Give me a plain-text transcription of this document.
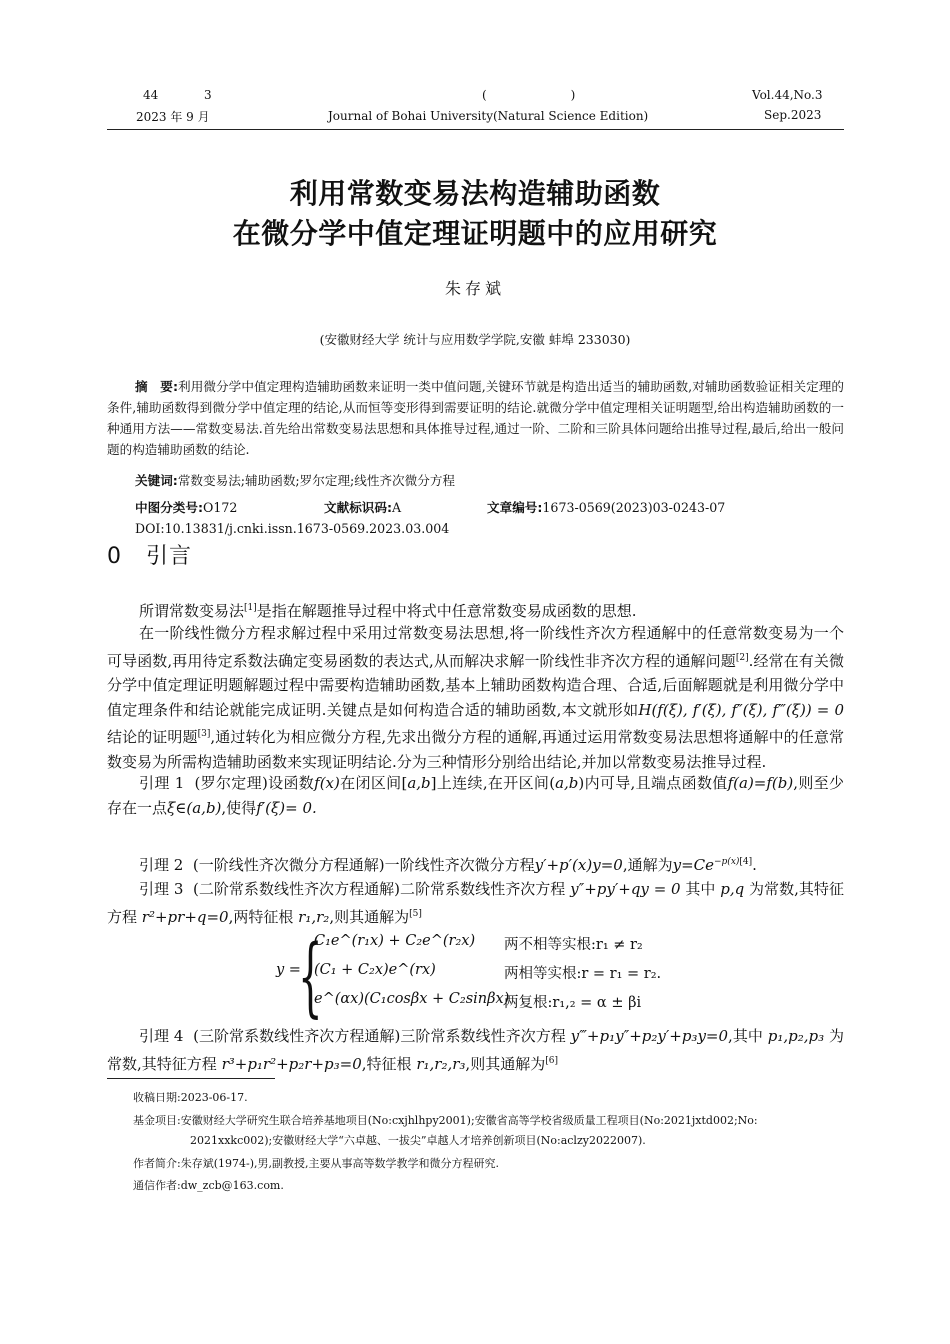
44	3
2023 年 9 月
(                      )
Journal of Bohai University(Natural Science Edition)
Vol.44,No.3
Sep.2023
利用常数变易法构造辅助函数
在微分学中值定理证明题中的应用研究
朱存斌
(安徽财经大学 统计与应用数学学院,安徽 蚌埠 233030)
摘　要:利用微分学中值定理构造辅助函数来证明一类中值问题,关键环节就是构造出适当的辅助函数,对辅助函数验证相关定理的条件,辅助函数得到微分学中值定理的结论,从而恒等变形得到需要证明的结论.就微分学中值定理相关证明题型,给出构造辅助函数的一种通用方法——常数变易法.首先给出常数变易法思想和具体推导过程,通过一阶、二阶和三阶具体问题给出推导过程,最后,给出一般问题的构造辅助函数的结论.
关键词:常数变易法;辅助函数;罗尔定理;线性齐次微分方程
中图分类号:O172	文献标识码:A	文章编号:1673-0569(2023)03-0243-07
DOI:10.13831/j.cnki.issn.1673-0569.2023.03.004
0 引言
所谓常数变易法[1]是指在解题推导过程中将式中任意常数变易成函数的思想.
在一阶线性微分方程求解过程中采用过常数变易法思想,将一阶线性齐次方程通解中的任意常数变易为一个可导函数,再用待定系数法确定变易函数的表达式,从而解决求解一阶线性非齐次方程的通解问题[2].经常在有关微分学中值定理证明题解题过程中需要构造辅助函数,基本上辅助函数构造合理、合适,后面解题就是利用微分学中值定理条件和结论就能完成证明.关键点是如何构造合适的辅助函数,本文就形如H(f(ξ), f′(ξ), f″(ξ), f‴(ξ)) = 0结论的证明题[3],通过转化为相应微分方程,先求出微分方程的通解,再通过运用常数变易法思想将通解中的任意常数变易为所需构造辅助函数来实现证明结论.分为三种情形分别给出结论,并加以常数变易法推导过程.
引理 1 (罗尔定理)设函数f(x)在闭区间[a,b]上连续,在开区间(a,b)内可导,且端点函数值f(a)=f(b),则至少存在一点ξ∈(a,b),使得f′(ξ)= 0.
引理 2 (一阶线性齐次微分方程通解)一阶线性齐次微分方程y′+p′(x)y=0,通解为$y=Ce^{-p(x)[4]}$.
引理 3 (二阶常系数线性齐次方程通解)二阶常系数线性齐次方程 y″+py′+qy = 0 其中 p,q 为常数,其特征方程 r²+pr+q=0,两特征根 r₁,r₂,则其通解为[5]
y =
{
C₁e^(r₁x) + C₂e^(r₂x) 两不相等实根:r₁ ≠ r₂
(C₁ + C₂x)e^(rx)	两相等实根:r = r₁ = r₂.
e^(αx)(C₁cosβx + C₂sinβx)
两复根:r₁,₂ = α ± βi
引理 4 (三阶常系数线性齐次方程通解)三阶常系数线性齐次方程 y‴+p₁y″+p₂y′+p₃y=0,其中 p₁,p₂,p₃ 为常数,其特征方程 r³+p₁r²+p₂r+p₃=0,特征根 r₁,r₂,r₃,则其通解为[6]
收稿日期:2023-06-17.
基金项目:安徽财经大学研究生联合培养基地项目(No:cxjhlhpy2001);安徽省高等学校省级质量工程项目(No:2021jxtd002;No:
2021xxkc002);安徽财经大学“六卓越、一拔尖”卓越人才培养创新项目(No:aclzy2022007).
作者简介:朱存斌(1974-),男,副教授,主要从事高等数学教学和微分方程研究.
通信作者:dw_zcb@163.com.
